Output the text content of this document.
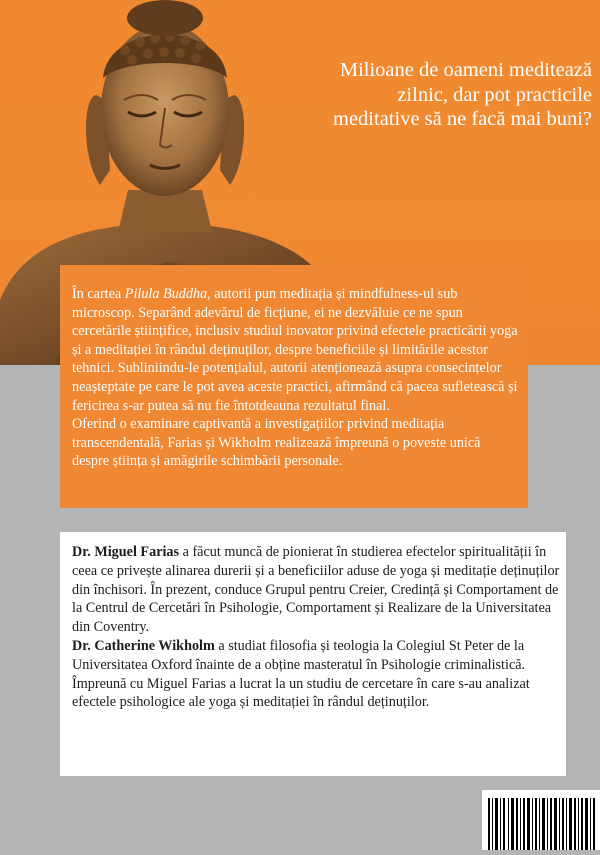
Milioane de oameni meditează zilnic, dar pot practicile meditative să ne facă mai buni?

În cartea Pilula Buddha, autorii pun meditația și mindfulness-ul sub microscop. Separând adevărul de ficțiune, ei ne dezvăluie ce ne spun cercetările științifice, inclusiv studiul inovator privind efectele practicării yoga și a meditației în rândul deținuților, despre beneficiile și limitările acestor tehnici. Subliniindu-le potențialul, autorii atenționează asupra consecințelor neașteptate pe care le pot avea aceste practici, afirmând că pacea sufletească și fericirea s-ar putea să nu fie întotdeauna rezultatul final.

Oferind o examinare captivantă a investigațiilor privind meditația transcendentală, Farias și Wikholm realizează împreună o poveste unică despre știința și amăgirile schimbării personale.

Dr. Miguel Farias a făcut muncă de pionierat în studierea efectelor spiritualității în ceea ce privește alinarea durerii și a beneficiilor aduse de yoga și meditație deținuților din închisori. În prezent, conduce Grupul pentru Creier, Credință și Comportament de la Centrul de Cercetări în Psihologie, Comportament și Realizare de la Universitatea din Coventry.

Dr. Catherine Wikholm a studiat filosofia și teologia la Colegiul St Peter de la Universitatea Oxford înainte de a obține masteratul în Psihologie criminalistică. Împreună cu Miguel Farias a lucrat la un studiu de cercetare în care s-au analizat efectele psihologice ale yoga și meditației în rândul deținuților.
